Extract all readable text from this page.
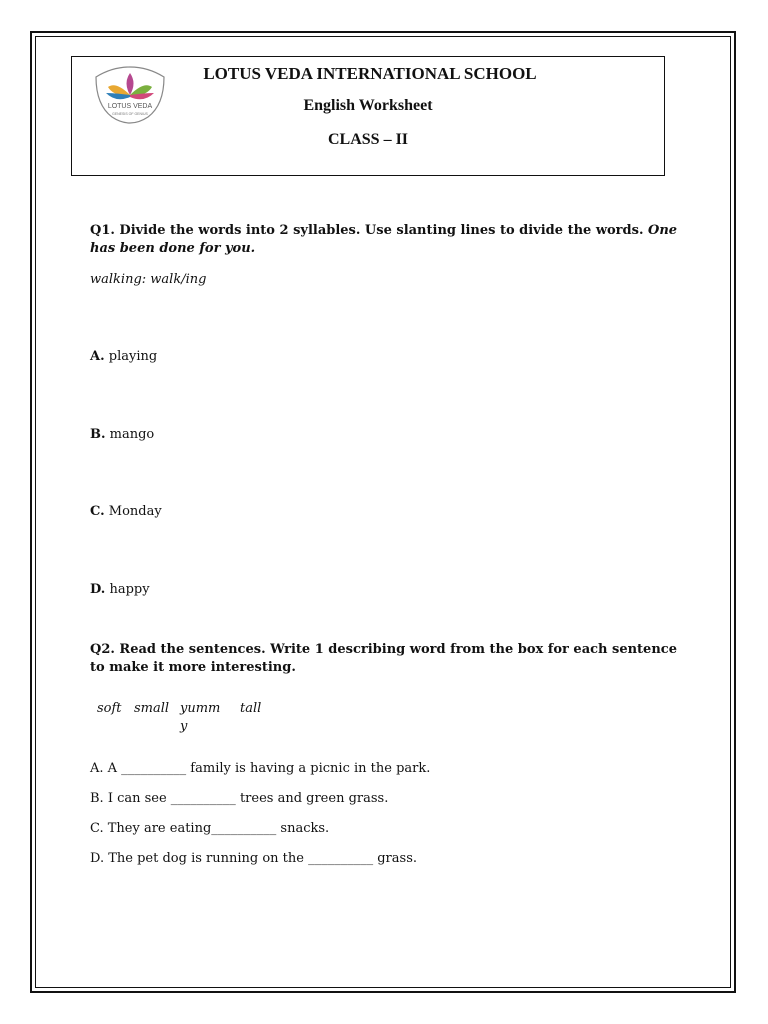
LOTUS VEDA
GENESIS OF GENIUS
LOTUS VEDA INTERNATIONAL SCHOOL
English Worksheet
CLASS – II
Q1. Divide the words into 2 syllables. Use slanting lines to divide the words. One has been done for you.
walking: walk/ing
A. playing
B. mango
C. Monday
D. happy
Q2. Read the sentences. Write 1 describing word from the box for each sentence to make it more interesting.
soft small yumm
y
tall
A. A __________ family is having a picnic in the park.
B. I can see __________ trees and green grass.
C. They are eating__________ snacks.
D. The pet dog is running on the __________ grass.
